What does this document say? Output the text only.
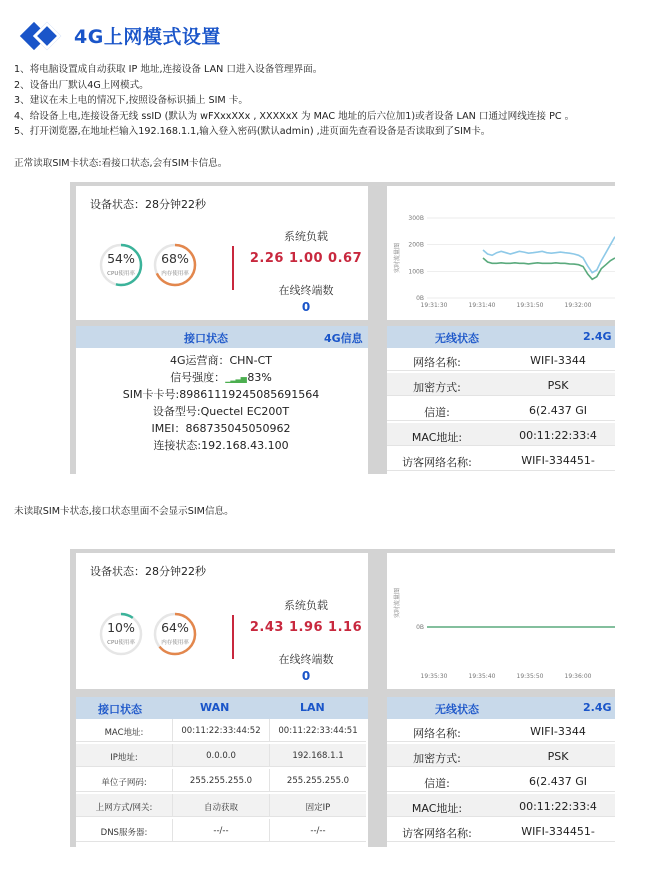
4G上网模式设置
1、将电脑设置成自动获取 IP 地址,连接设备 LAN 口进入设备管理界面。
2、设备出厂默认4G上网模式。
3、建议在未上电的情况下,按照设备标识插上 SIM 卡。
4、给设备上电,连接设备无线 ssID (默认为 wFXxxXXx , XXXXxX 为 MAC 地址的后六位加1)或者设备 LAN 口通过网线连接 PC 。
5、打开浏览器,在地址栏输入192.168.1.1,输入登入密码(默认admin) ,进页面先查看设备是否读取到了SIM卡。
正常读取SIM卡状态:看接口状态,会有SIM卡信息。
设备状态：28分钟22秒
54%
CPU使用率
68%
内存使用率
系统负载
2.26 1.00 0.67
在线终端数
0
实时流量图
300B
200B
100B
0B
19:31:30	19:31:40	19:31:50	19:32:00
接口状态	4G信息
4G运营商：CHN-CT
信号强度：▁▂▃▅ 83%
SIM卡卡号:89861119245085691564
设备型号:Quectel EC200T
IMEI：868735045050962
连接状态:192.168.43.100
无线状态	2.4G
网络名称:	WIFI-3344
加密方式:	PSK
信道:	6(2.437 GI
MAC地址:	00:11:22:33:4
访客网络名称:	WIFI-334451-
未读取SIM卡状态,接口状态里面不会显示SIM信息。
设备状态：28分钟22秒
10%
CPU使用率
64%
内存使用率
系统负载
2.43 1.96 1.16
在线终端数
0
实时流量图
0B
19:35:30	19:35:40	19:35:50	19:36:00
接口状态	WAN	LAN
MAC地址:	00:11:22:33:44:52	00:11:22:33:44:51
IP地址:	0.0.0.0	192.168.1.1
单位子网码:	255.255.255.0	255.255.255.0
上网方式/网关:	自动获取	固定IP
DNS服务器:	--/--	--/--
无线状态	2.4G
网络名称:	WIFI-3344
加密方式:	PSK
信道:	6(2.437 GI
MAC地址:	00:11:22:33:4
访客网络名称:	WIFI-334451-
